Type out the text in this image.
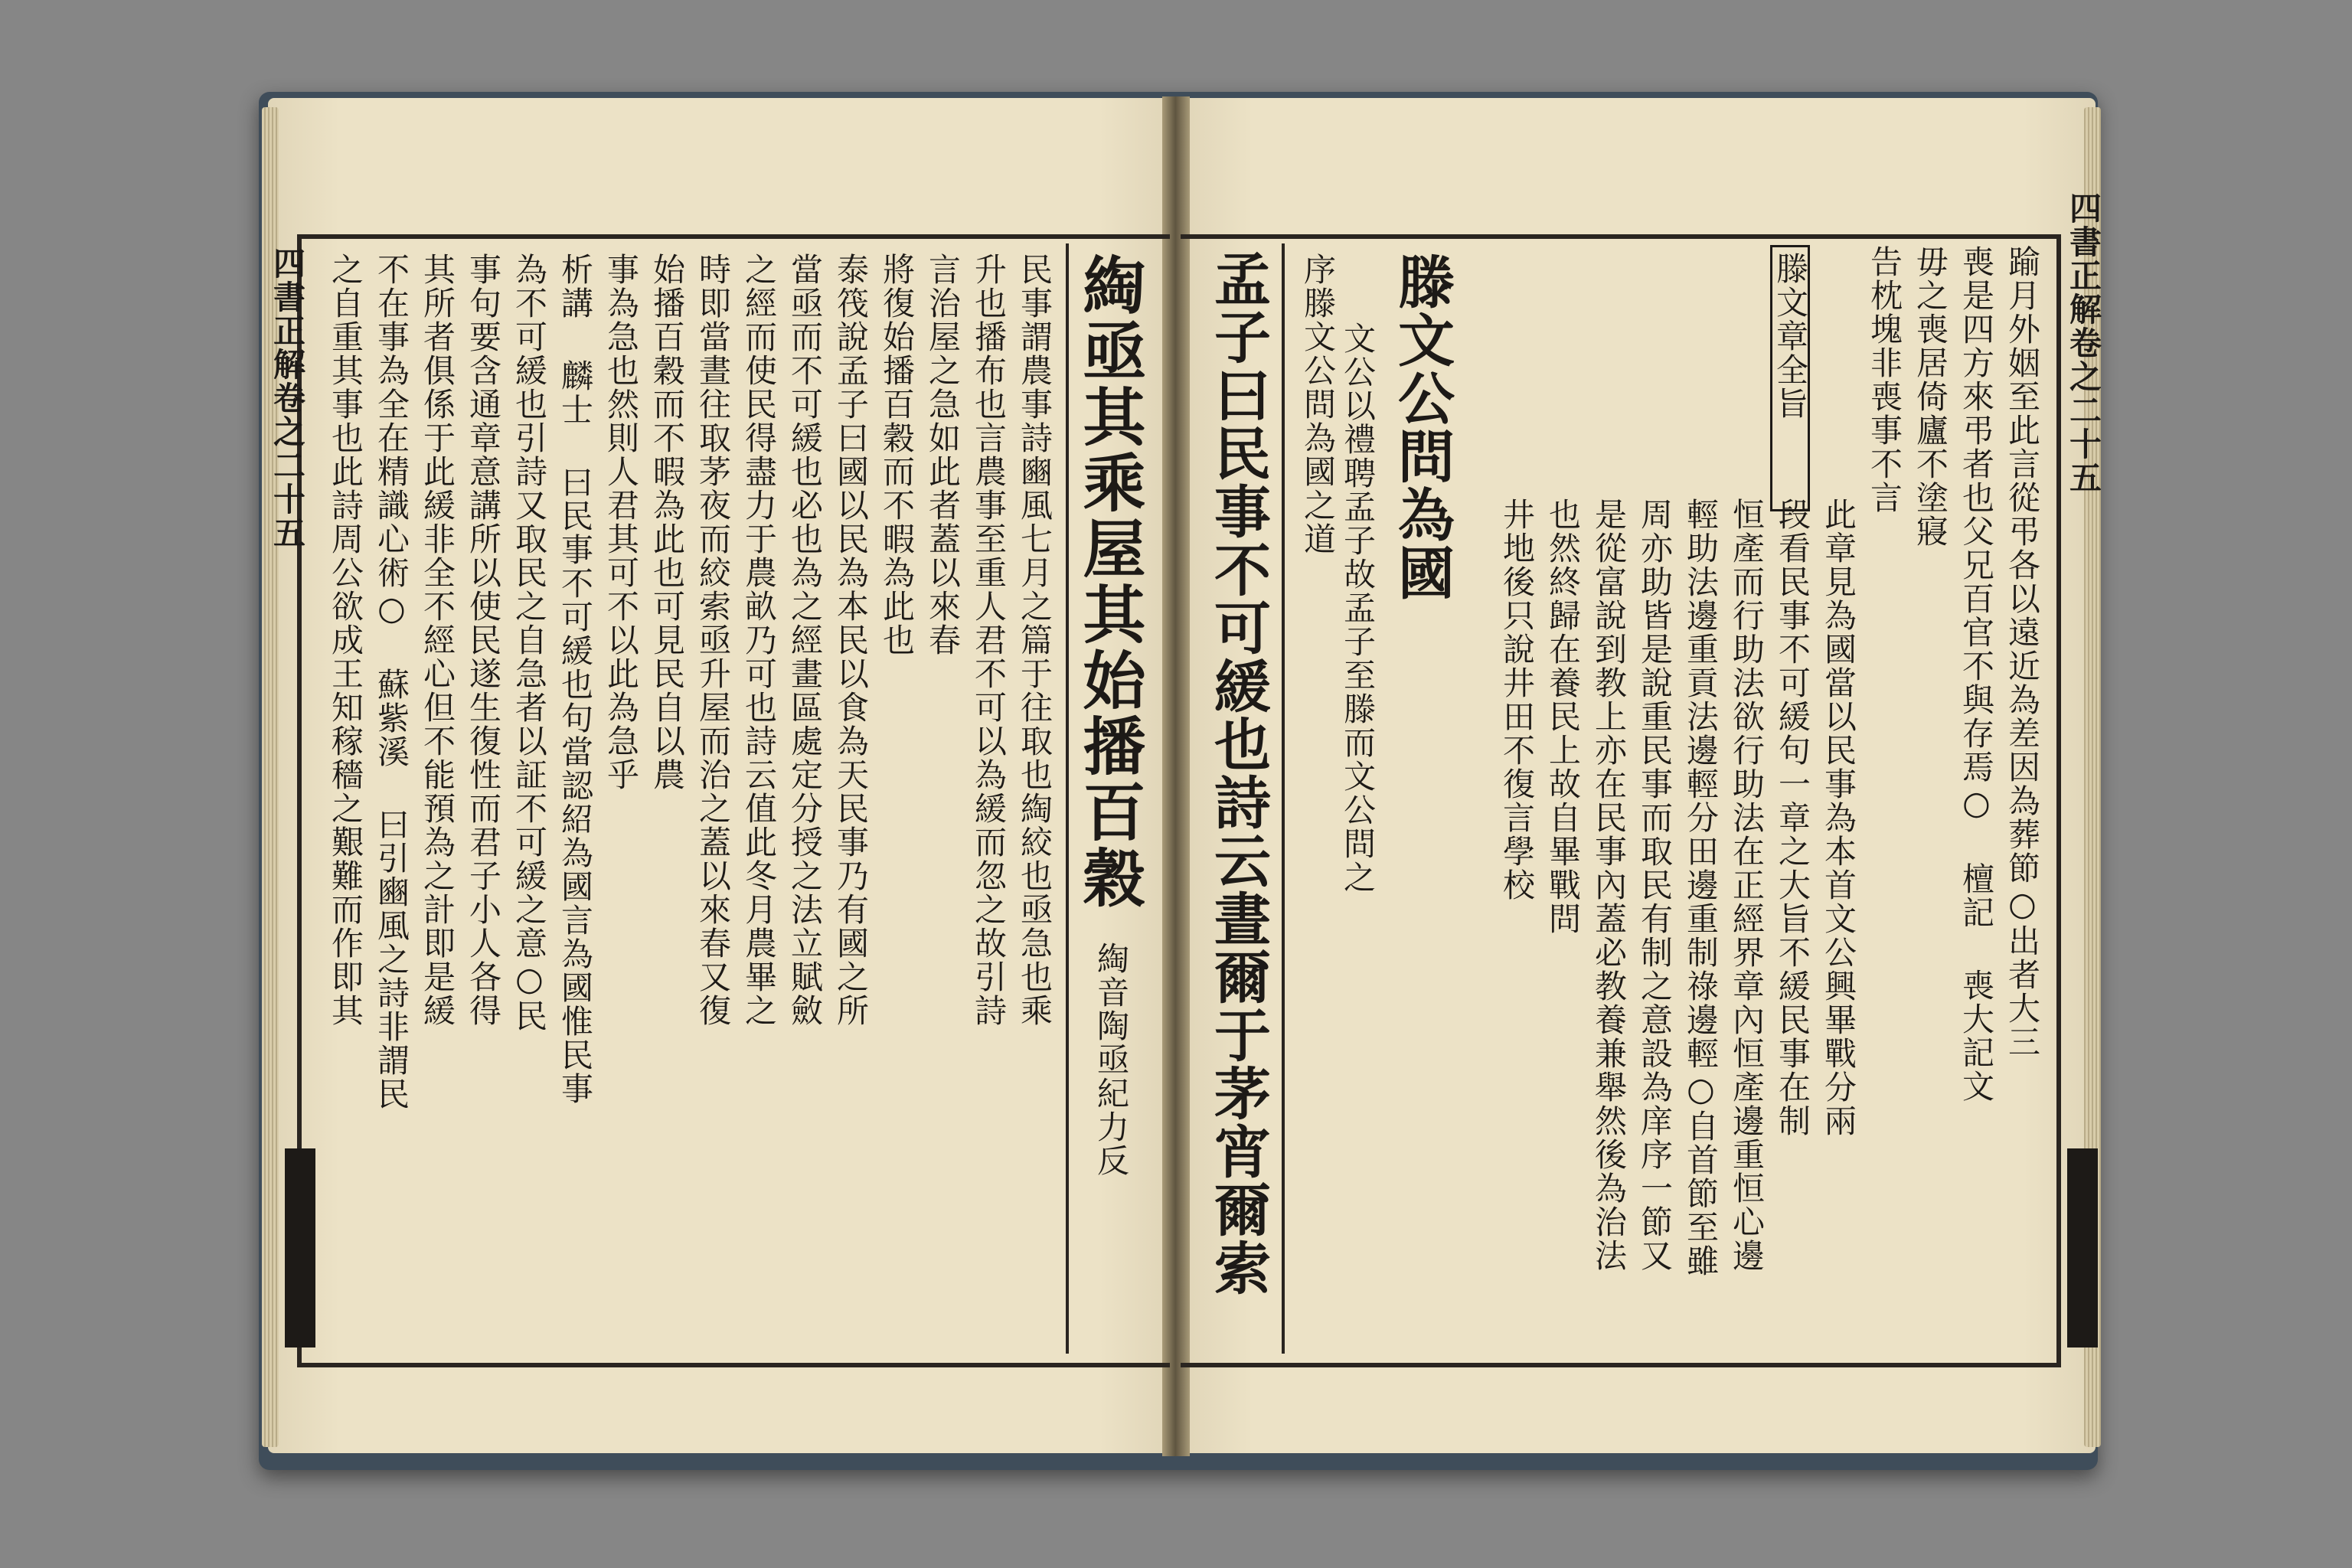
四書正解卷之二十五	綯亟其乘屋其始播百穀
綯音陶亟紀力反
民事謂農事詩豳風七月之篇于往取也綯絞也亟急也乘
升也播布也言農事至重人君不可以為緩而忽之故引詩
言治屋之急如此者蓋以來春
將復始播百穀而不暇為此也
泰筏說孟子曰國以民為本民以食為天民事乃有國之所
當亟而不可緩也必也為之經畫區處定分授之法立賦斂
之經而使民得盡力于農畝乃可也詩云值此冬月農畢之
時即當晝往取茅夜而絞索亟升屋而治之蓋以來春又復
始播百穀而不暇為此也可見民自以農
事為急也然則人君其可不以此為急乎
析講 麟士 曰民事不可緩也句當認紹為國言為國惟民事
為不可緩也引詩又取民之自急者以証不可緩之意○民
事句要含通章意講所以使民遂生復性而君子小人各得
其所者俱係于此緩非全不經心但不能預為之計即是緩
不在事為全在精識心術○ 蘇紫溪 曰引豳風之詩非謂民
之自重其事也此詩周公欲成王知稼穡之艱難而作即其	四書正解卷之二十五
孟子曰民事不可緩也詩云晝爾于茅宵爾索 滕文公問為國
文公以禮聘孟子故孟子至滕而文公問之
序滕文公問為國之道	滕文章全旨
此章見為國當以民事為本首文公興畢戰分兩
段看民事不可緩句一章之大旨不緩民事在制
恒產而行助法欲行助法在正經界章內恒產邊重恒心邊
輕助法邊重貢法邊輕分田邊重制祿邊輕○自首節至雖
周亦助皆是說重民事而取民有制之意設為庠序一節又
是從富說到教上亦在民事內蓋必教養兼舉然後為治法
也然終歸在養民上故自畢戰問
井地後只說井田不復言學校
告枕塊非喪事不言 毋之喪居倚廬不塗寢 喪是四方來弔者也父兄百官不與存焉○ 檀記 喪大記文 踰月外姻至此言從弔各以遠近為差因為葬節○出者大三
